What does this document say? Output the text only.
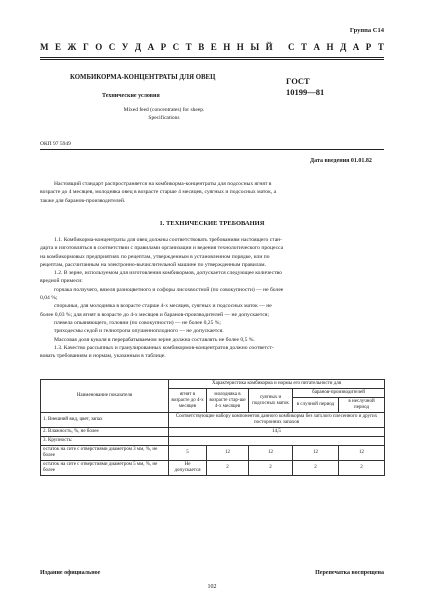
Группа С14
М Е Ж Г О С У Д А Р С Т В Е Н Н Ы Й
С Т А Н Д А Р Т
КОМБИКОРМА-КОНЦЕНТРАТЫ ДЛЯ ОВЕЦ	ГОСТ
10199—81
Технические условия
Mixed feed (concentrates) for sheep.
Specifications
ОКП 97 5949
Дата введения 01.01.82
Настоящий стандарт распространяется на комбикорма-концентраты для подсосных ягнят в
возрасте до 4 месяцев, молодняка овец в возрасте старше 4 месяцев, суягных и подсосных маток, а
также для баранов-производителей.
1. ТЕХНИЧЕСКИЕ ТРЕБОВАНИЯ
1.1. Комбикорма-концентраты для овец должны соответствовать требованиям настоящего стан-
дарта и изготовляться в соответствии с правилами организации и ведения технологического процесса
на комбикормовых предприятиях по рецептам, утвержденным в установленном порядке, или по
рецептам, рассчитанным на электронно-вычислительной машине по утвержденным правилам.
1.2. В зерне, используемом для изготовления комбикормов, допускается следующее количество
вредной примеси:
горчака ползучего, вязеля разноцветного и софоры лисохвостной (по совокупности) — не более
0,04 %;
спорыньи, для молодняка в возрасте старше 4-х месяцев, суягных и подсосных маток — не
более 0,03 %; для ягнят в возрасте до 4-х месяцев и баранов-производителей — не допускается;
плевела опьяняющего, головни (по совокупности) — не более 0,25 %;
триходесмы седой и гелиотропа опушенноплодного — не допускается.
Массовая доля куколя в перерабатываемом зерне должна составлять не более 0,5 %.
1.3. Качество рассыпных и гранулированных комбикормов-концентратов должно соответст-
вовать требованиям и нормам, указанным в таблице.
Наименование показателя	Характеристика комбикорма и нормы его питательности для				
	ягнят в возрасте до 4-х месяцев	молодняка в возрасте стар-ше 4-х месяцев	суягных и подсосных маток	баранов-производителей	
				в случной период	в неслучной период
1. Внешний вид, цвет, запах	Соответствующие набору компонентов данного комбикорма без затхлого плесенного и других посторонних запахов				
2. Влажность, %, не более	14,5				
3. Крупность:					
остаток на сите с отверстиями диаметром 3 мм, %, не более	5	12	12	12	12
остаток на сите с отверстиями диаметром 5 мм, %, не более	Не допускается	2	2	2	2
Издание официальное	Перепечатка воспрещена
102
